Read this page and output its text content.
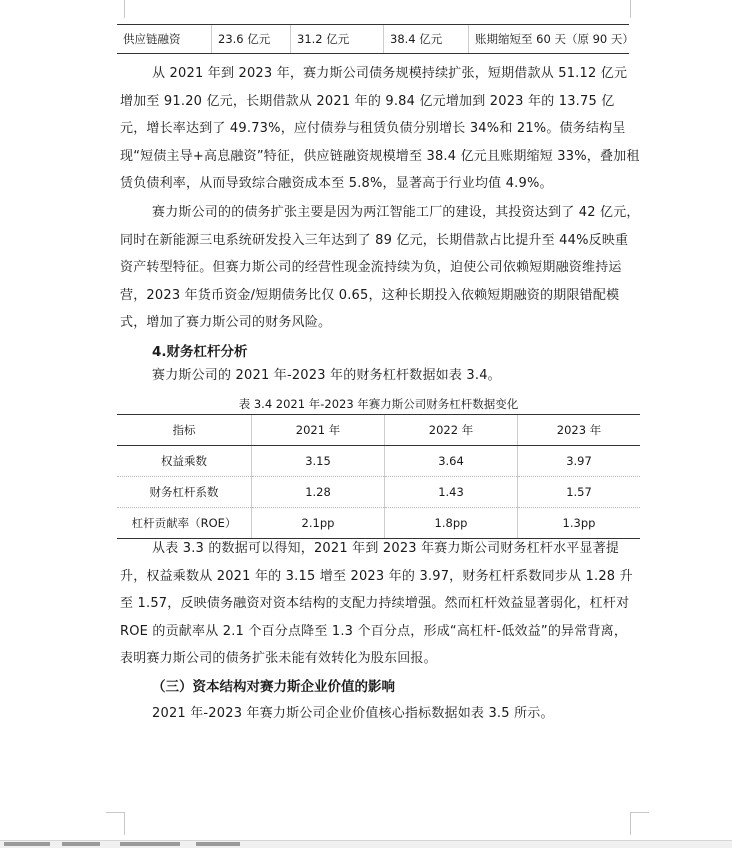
供应链融资	23.6 亿元	31.2 亿元	38.4 亿元	账期缩短至 60 天（原 90 天）

从 2021 年到 2023 年，赛力斯公司债务规模持续扩张，短期借款从 51.12 亿元增加至 91.20 亿元，长期借款从 2021 年的 9.84 亿元增加到 2023 年的 13.75 亿元，增长率达到了 49.73%，应付债券与租赁负债分别增长 34%和 21%。债务结构呈现“短债主导+高息融资”特征，供应链融资规模增至 38.4 亿元且账期缩短 33%，叠加租赁负债利率，从而导致综合融资成本至 5.8%，显著高于行业均值 4.9%。

赛力斯公司的的债务扩张主要是因为两江智能工厂的建设，其投资达到了 42 亿元，同时在新能源三电系统研发投入三年达到了 89 亿元，长期借款占比提升至 44%反映重资产转型特征。但赛力斯公司的经营性现金流持续为负，迫使公司依赖短期融资维持运营，2023 年货币资金/短期债务比仅 0.65，这种长期投入依赖短期融资的期限错配模式，增加了赛力斯公司的财务风险。

4.财务杠杆分析

赛力斯公司的 2021 年-2023 年的财务杠杆数据如表 3.4。

表 3.4 2021 年-2023 年赛力斯公司财务杠杆数据变化
指标	2021 年	2022 年	2023 年
权益乘数	3.15	3.64	3.97
财务杠杆系数	1.28	1.43	1.57
杠杆贡献率（ROE）	2.1pp	1.8pp	1.3pp

从表 3.3 的数据可以得知，2021 年到 2023 年赛力斯公司财务杠杆水平显著提升，权益乘数从 2021 年的 3.15 增至 2023 年的 3.97，财务杠杆系数同步从 1.28 升至 1.57，反映债务融资对资本结构的支配力持续增强。然而杠杆效益显著弱化，杠杆对 ROE 的贡献率从 2.1 个百分点降至 1.3 个百分点，形成“高杠杆-低效益”的异常背离，表明赛力斯公司的债务扩张未能有效转化为股东回报。

（三）资本结构对赛力斯企业价值的影响

2021 年-2023 年赛力斯公司企业价值核心指标数据如表 3.5 所示。
